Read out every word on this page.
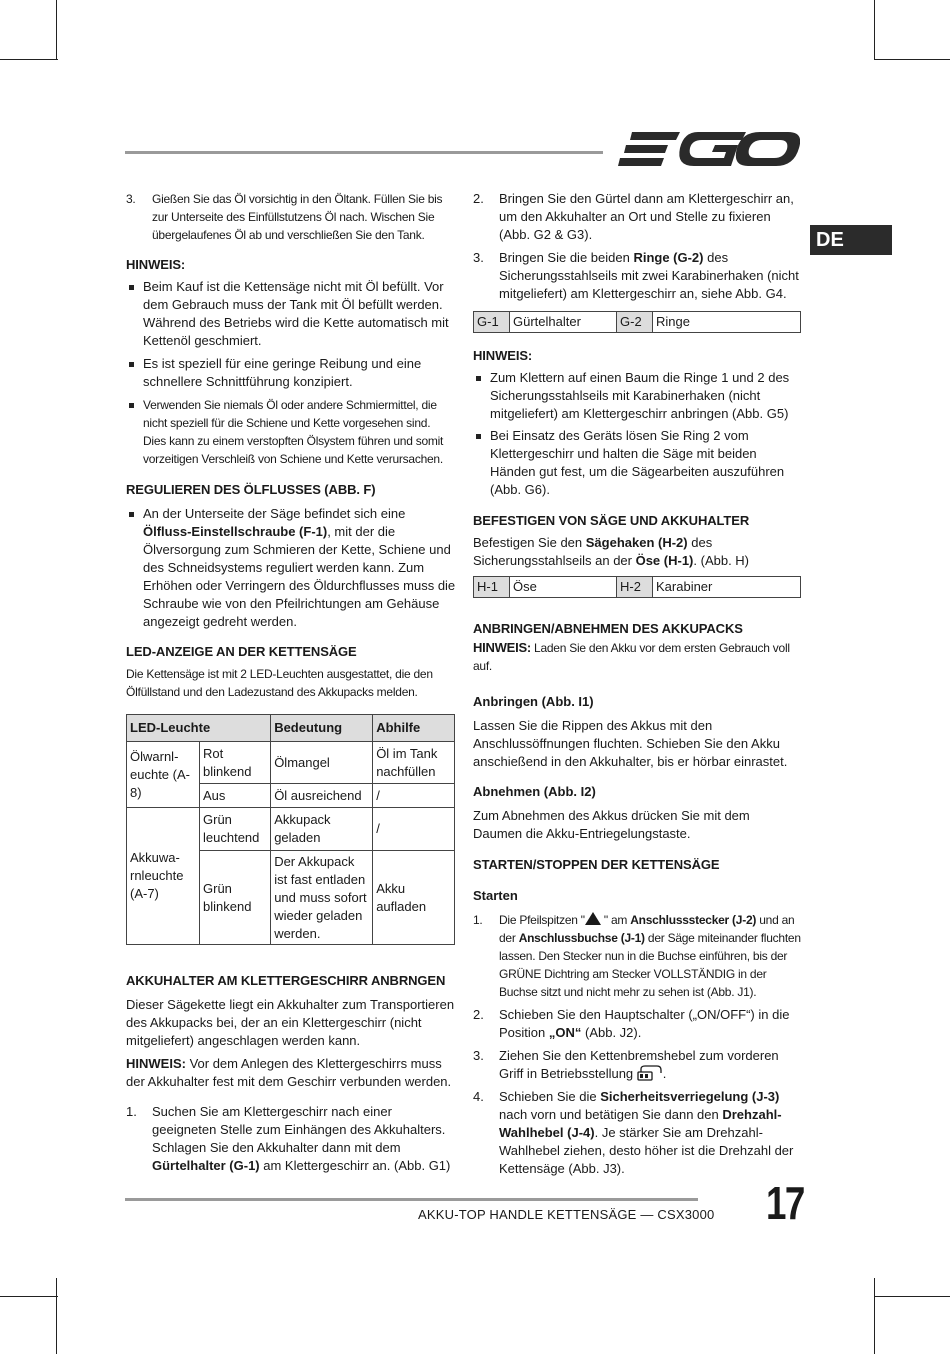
DE
3. Gießen Sie das Öl vorsichtig in den Öltank. Füllen Sie bis zur Unterseite des Einfüllstutzens Öl nach. Wischen Sie übergelaufenes Öl ab und verschließen Sie den Tank.

HINWEIS:

Beim Kauf ist die Kettensäge nicht mit Öl befüllt. Vor dem Gebrauch muss der Tank mit Öl befüllt werden. Während des Betriebs wird die Kette automatisch mit Kettenöl geschmiert.

Es ist speziell für eine geringe Reibung und eine schnellere Schnittführung konzipiert.

Verwenden Sie niemals Öl oder andere Schmiermittel, die nicht speziell für die Schiene und Kette vorgesehen sind. Dies kann zu einem verstopften Ölsystem führen und somit vorzeitigen Verschleiß von Schiene und Kette verursachen.

REGULIEREN DES ÖLFLUSSES (ABB. F)

An der Unterseite der Säge befindet sich eine Ölfluss-Einstellschraube (F-1), mit der die Ölversorgung zum Schmieren der Kette, Schiene und des Schneidsystems reguliert werden kann. Zum Erhöhen oder Verringern des Öldurchflusses muss die Schraube wie von den Pfeilrichtungen am Gehäuse angezeigt gedreht werden.

LED-ANZEIGE AN DER KETTENSÄGE

Die Kettensäge ist mit 2 LED-Leuchten ausgestattet, die den Ölfüllstand und den Ladezustand des Akkupacks melden.

LED-Leuchte		Bedeutung	Abhilfe
Ölwarnl-euchte (A-8)	Rot blinkend	Ölmangel	Öl im Tank nachfüllen
	Aus	Öl ausreichend	/
Akkuwa-rnleuchte (A-7)	Grün leuchtend	Akkupack geladen	/
	Grün blinkend	Der Akkupack ist fast entladen und muss sofort wieder geladen werden.	Akku aufladen
AKKUHALTER AM KLETTERGESCHIRR ANBRNGEN

Dieser Sägekette liegt ein Akkuhalter zum Transportieren des Akkupacks bei, der an ein Klettergeschirr (nicht mitgeliefert) angeschlagen werden kann.

HINWEIS: Vor dem Anlegen des Klettergeschirrs muss der Akkuhalter fest mit dem Geschirr verbunden werden.

1. Suchen Sie am Klettergeschirr nach einer geeigneten Stelle zum Einhängen des Akkuhalters. Schlagen Sie den Akkuhalter dann mit dem Gürtelhalter (G-1) am Klettergeschirr an. (Abb. G1)

2. Bringen Sie den Gürtel dann am Klettergeschirr an, um den Akkuhalter an Ort und Stelle zu fixieren (Abb. G2 & G3).

3. Bringen Sie die beiden Ringe (G-2) des Sicherungsstahlseils mit zwei Karabinerhaken (nicht mitgeliefert) am Klettergeschirr an, siehe Abb. G4.

G-1	Gürtelhalter	G-2	Ringe
HINWEIS:

Zum Klettern auf einen Baum die Ringe 1 und 2 des Sicherungsstahlseils mit Karabinerhaken (nicht mitgeliefert) am Klettergeschirr anbringen (Abb. G5)

Bei Einsatz des Geräts lösen Sie Ring 2 vom Klettergeschirr und halten die Säge mit beiden Händen gut fest, um die Sägearbeiten auszuführen (Abb. G6).

BEFESTIGEN VON SÄGE UND AKKUHALTER

Befestigen Sie den Sägehaken (H-2) des Sicherungsstahlseils an der Öse (H-1). (Abb. H)

H-1	Öse	H-2	Karabiner
ANBRINGEN/ABNEHMEN DES AKKUPACKS

HINWEIS: Laden Sie den Akku vor dem ersten Gebrauch voll auf.

Anbringen (Abb. I1)

Lassen Sie die Rippen des Akkus mit den Anschlussöffnungen fluchten. Schieben Sie den Akku anschießend in den Akkuhalter, bis er hörbar einrastet.

Abnehmen (Abb. I2)

Zum Abnehmen des Akkus drücken Sie mit dem Daumen die Akku-Entriegelungstaste.

STARTEN/STOPPEN DER KETTENSÄGE
Starten
1. Die Pfeilspitzen " " am Anschlussstecker (J-2) und an der Anschlussbuchse (J-1) der Säge miteinander fluchten lassen. Den Stecker nun in die Buchse einführen, bis der GRÜNE Dichtring am Stecker VOLLSTÄNDIG in der Buchse sitzt und nicht mehr zu sehen ist (Abb. J1).

2. Schieben Sie den Hauptschalter („ON/OFF“) in die Position „ON“ (Abb. J2).

3. Ziehen Sie den Kettenbremshebel zum vorderen Griff in Betriebsstellung .

4. Schieben Sie die Sicherheitsverriegelung (J-3) nach vorn und betätigen Sie dann den Drehzahl-Wahlhebel (J-4). Je stärker Sie am Drehzahl-Wahlhebel ziehen, desto höher ist die Drehzahl der Kettensäge (Abb. J3).

AKKU-TOP HANDLE KETTENSÄGE — CSX3000 17
